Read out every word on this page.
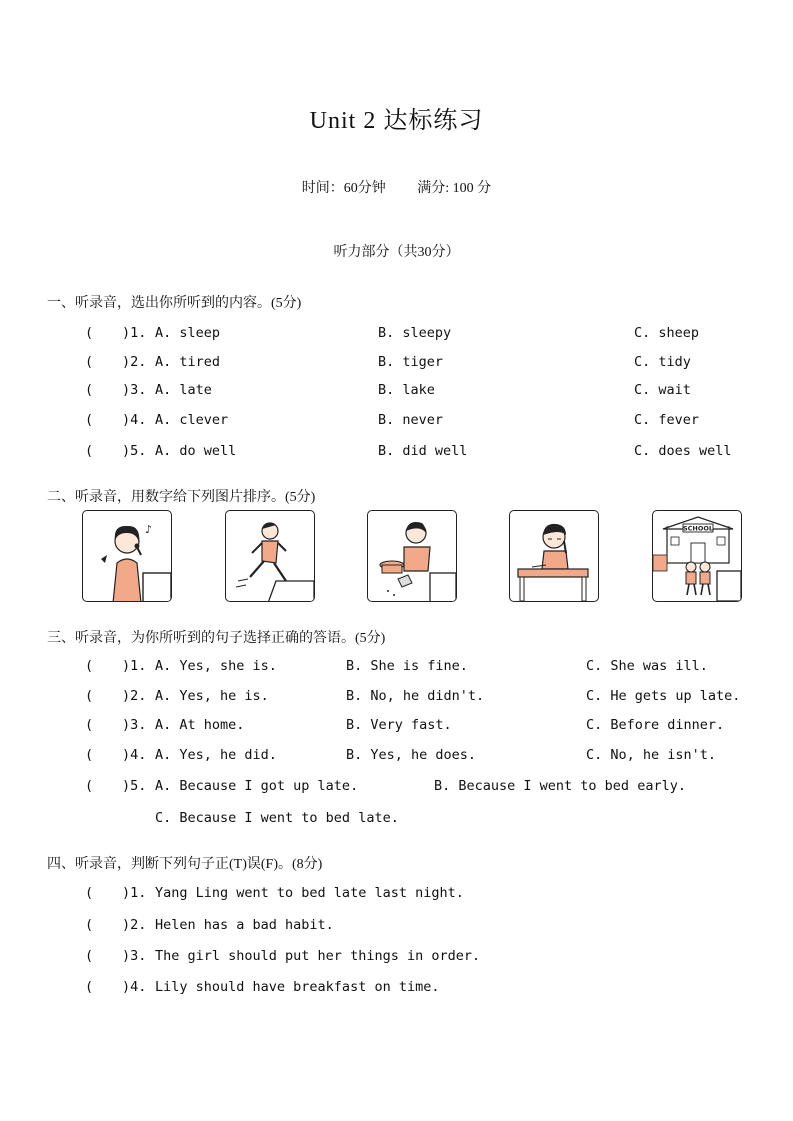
Unit 2 达标练习
时间：60分钟 满分: 100 分
听力部分（共30分）
一、听录音，选出你所听到的内容。(5分)
( )1. A. sleep	B. sleepy	C. sheep
( )2. A. tired	B. tiger	C. tidy
( )3. A. late	B. lake	C. wait
( )4. A. clever	B. never	C. fever
( )5. A. do well	B. did well	C. does well
二、听录音，用数字给下列图片排序。(5分)
♪	SCHOOL
三、听录音，为你所听到的句子选择正确的答语。(5分)
( )1. A. Yes, she is.	B. She is fine.	C. She was ill.
( )2. A. Yes, he is.	B. No, he didn't.	C. He gets up late.
( )3. A. At home.	B. Very fast.	C. Before dinner.
( )4. A. Yes, he did.	B. Yes, he does.	C. No, he isn't.
( )5. A. Because I got up late.	B. Because I went to bed early.
C. Because I went to bed late.
四、听录音，判断下列句子正(T)误(F)。(8分)
( )1. Yang Ling went to bed late last night.
( )2. Helen has a bad habit.
( )3. The girl should put her things in order.
( )4. Lily should have breakfast on time.
